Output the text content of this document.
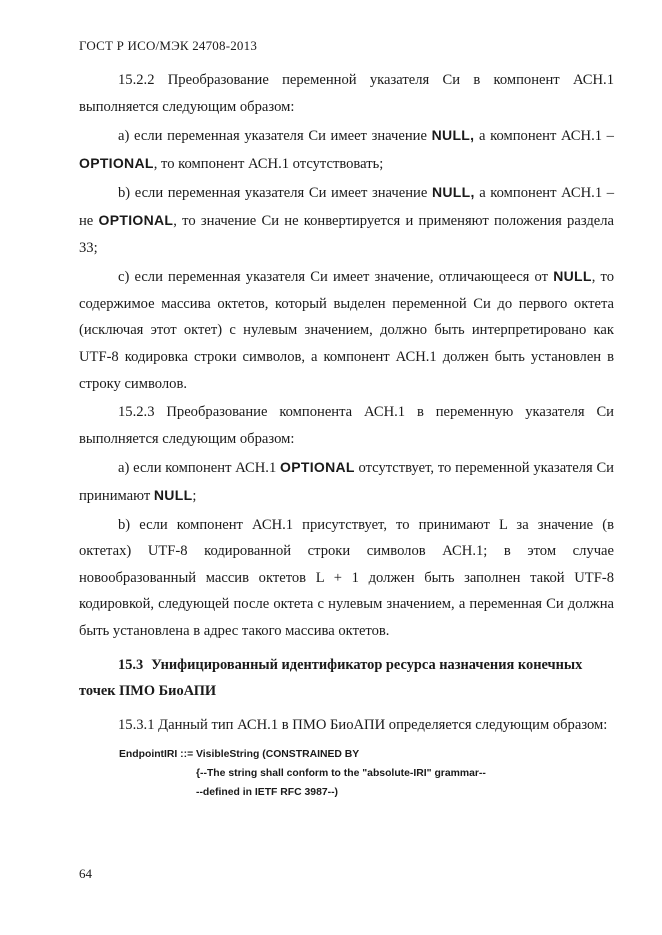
ГОСТ Р ИСО/МЭК 24708-2013

15.2.2 Преобразование переменной указателя Си в компонент АСН.1 выполняется следующим образом:

a) если переменная указателя Си имеет значение NULL, а компонент АСН.1 – OPTIONAL, то компонент АСН.1 отсутствовать;

b) если переменная указателя Си имеет значение NULL, а компонент АСН.1 – не OPTIONAL, то значение Си не конвертируется и применяют положения раздела 33;

c) если переменная указателя Си имеет значение, отличающееся от NULL, то содержимое массива октетов, который выделен переменной Си до первого октета (исключая этот октет) с нулевым значением, должно быть интерпретировано как UTF-8 кодировка строки символов, а компонент АСН.1 должен быть установлен в строку символов.

15.2.3 Преобразование компонента АСН.1 в переменную указателя Си выполняется следующим образом:

a) если компонент АСН.1 OPTIONAL отсутствует, то переменной указателя Си принимают NULL;

b) если компонент АСН.1 присутствует, то принимают L за значение (в октетах) UTF-8 кодированной строки символов АСН.1; в этом случае новообразованный массив октетов L + 1 должен быть заполнен такой UTF-8 кодировкой, следующей после октета с нулевым значением, а переменная Си должна быть установлена в адрес такого массива октетов.

15.3 Унифицированный идентификатор ресурса назначения конечных точек ПМО БиоАПИ

15.3.1 Данный тип АСН.1 в ПМО БиоАПИ определяется следующим образом:

EndpointIRI ::= VisibleString (CONSTRAINED BY
{--The string shall conform to the "absolute-IRI" grammar--
--defined in IETF RFC 3987--)
64
